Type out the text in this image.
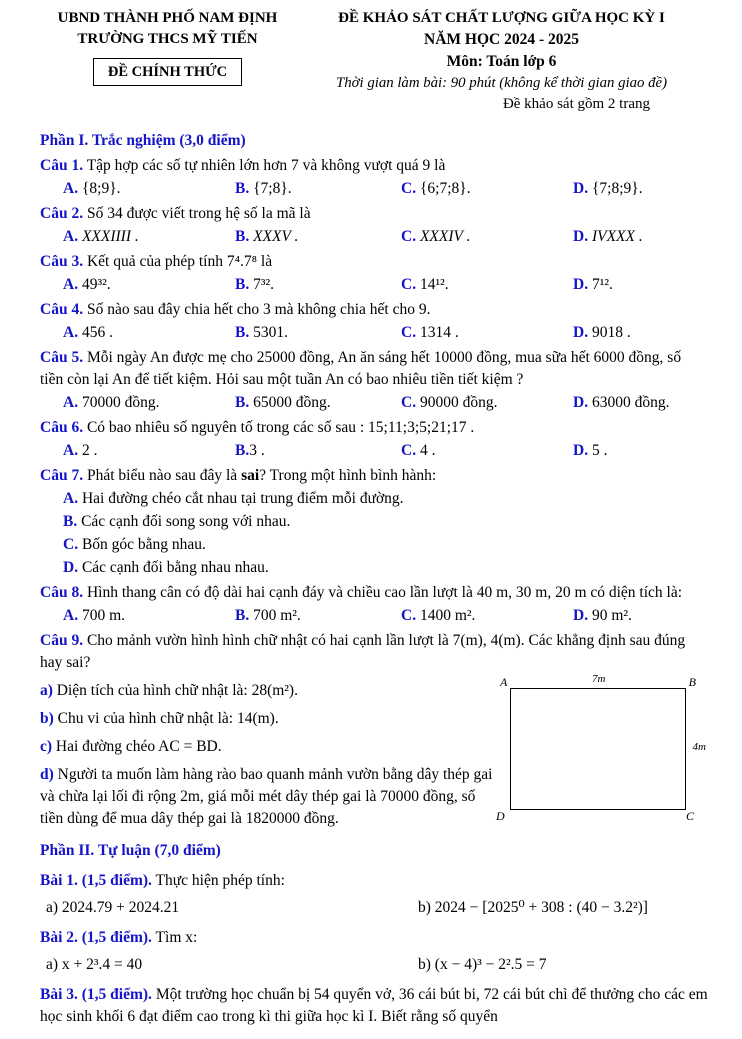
UBND THÀNH PHỐ NAM ĐỊNH

TRƯỜNG THCS MỸ TIẾN

ĐỀ CHÍNH THỨC

ĐỀ KHẢO SÁT CHẤT LƯỢNG GIỮA HỌC KỲ I

NĂM HỌC 2024 - 2025

Môn: Toán lớp 6

Thời gian làm bài: 90 phút (không kể thời gian giao đề)

Đề khảo sát gồm 2 trang

Phần I. Trắc nghiệm (3,0 điểm)

Câu 1. Tập hợp các số tự nhiên lớn hơn 7 và không vượt quá 9 là

A. {8;9}.	B. {7;8}.	C. {6;7;8}.	D. {7;8;9}.

Câu 2. Số 34 được viết trong hệ số la mã là

A. XXXIIII .	B. XXXV .	C. XXXIV .	D. IVXXX .

Câu 3. Kết quả của phép tính 7⁴.7⁸ là

A. 49³².	B. 7³².	C. 14¹².	D. 7¹².

Câu 4. Số nào sau đây chia hết cho 3 mà không chia hết cho 9.

A. 456 .	B. 5301.	C. 1314 .	D. 9018 .

Câu 5. Mỗi ngày An được mẹ cho 25000 đồng, An ăn sáng hết 10000 đồng, mua sữa hết 6000 đồng, số tiền còn lại An để tiết kiệm. Hỏi sau một tuần An có bao nhiêu tiền tiết kiệm ?

A. 70000 đồng.	B. 65000 đồng.	C. 90000 đồng.	D. 63000 đồng.

Câu 6. Có bao nhiêu số nguyên tố trong các số sau : 15;11;3;5;21;17 .

A. 2 .	B.3 .	C. 4 .	D. 5 .

Câu 7. Phát biểu nào sau đây là sai? Trong một hình bình hành:

A. Hai đường chéo cắt nhau tại trung điểm mỗi đường.

B. Các cạnh đối song song với nhau.

C. Bốn góc bằng nhau.

D. Các cạnh đối bằng nhau nhau.

Câu 8. Hình thang cân có độ dài hai cạnh đáy và chiều cao lần lượt là 40 m, 30 m, 20 m có diện tích là:

A. 700 m.	B. 700 m².	C. 1400 m².	D. 90 m².

Câu 9. Cho mảnh vườn hình hình chữ nhật có hai cạnh lần lượt là 7(m), 4(m). Các khẳng định sau đúng hay sai?

a) Diện tích của hình chữ nhật là: 28(m²).

b) Chu vi của hình chữ nhật là: 14(m).

c) Hai đường chéo AC = BD.

d) Người ta muốn làm hàng rào bao quanh mảnh vườn bằng dây thép gai và chừa lại lối đi rộng 2m, giá mỗi mét dây thép gai là 70000 đồng, số tiền dùng để mua dây thép gai là 1820000 đồng.

A	B
7m
4m
D	C

Phần II. Tự luận (7,0 điểm)

Bài 1. (1,5 điểm). Thực hiện phép tính:

a) 2024.79 + 2024.21	b) 2024 − [2025⁰ + 308 : (40 − 3.2²)]

Bài 2. (1,5 điểm). Tìm x:

a) x + 2³.4 = 40	b) (x − 4)³ − 2².5 = 7

Bài 3. (1,5 điểm). Một trường học chuẩn bị 54 quyển vở, 36 cái bút bi, 72 cái bút chì để thưởng cho các em học sinh khối 6 đạt điểm cao trong kì thi giữa học kì I. Biết rằng số quyển
